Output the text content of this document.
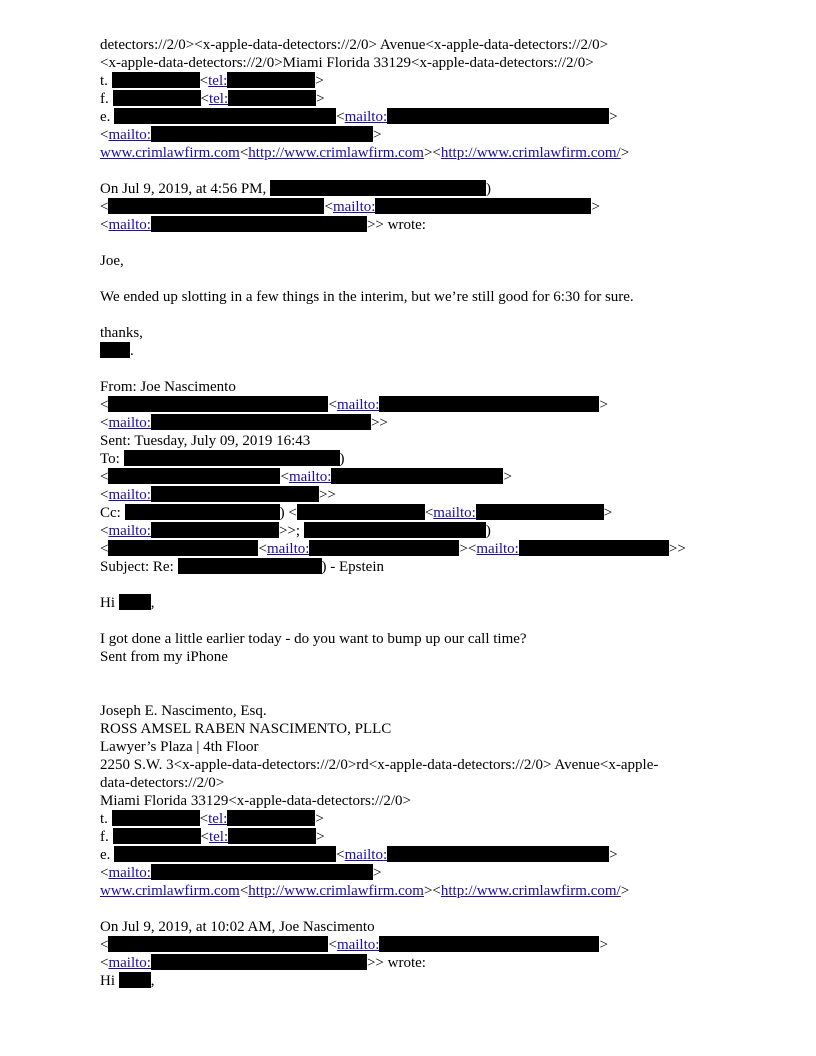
detectors://2/0><x-apple-data-detectors://2/0> Avenue<x-apple-data-detectors://2/0>
<x-apple-data-detectors://2/0>Miami Florida 33129<x-apple-data-detectors://2/0>
t.	<tel:	>
f.	<tel:	>
e.	<mailto:	>
<mailto:	>
www.crimlawfirm.com<http://www.crimlawfirm.com><http://www.crimlawfirm.com/>
On Jul 9, 2019, at 4:56 PM,	)
<	<mailto:	>
<mailto:	>> wrote:
Joe,
We ended up slotting in a few things in the interim, but we’re still good for 6:30 for sure.
thanks,
.
From: Joe Nascimento
<	<mailto:	>
<mailto:	>>
Sent: Tuesday, July 09, 2019 16:43
To:	)
<	<mailto:	>
<mailto:	>>
Cc:	) <	<mailto:	>
<mailto:	>>;	)
<	<mailto:	><mailto:	>>
Subject: Re:	) - Epstein
Hi ,
I got done a little earlier today - do you want to bump up our call time?
Sent from my iPhone
Joseph E. Nascimento, Esq.
ROSS AMSEL RABEN NASCIMENTO, PLLC
Lawyer’s Plaza | 4th Floor
2250 S.W. 3<x-apple-data-detectors://2/0>rd<x-apple-data-detectors://2/0> Avenue<x-apple-
data-detectors://2/0>
Miami Florida 33129<x-apple-data-detectors://2/0>
t.	<tel:	>
f.	<tel:	>
e.	<mailto:	>
<mailto:	>
www.crimlawfirm.com<http://www.crimlawfirm.com><http://www.crimlawfirm.com/>
On Jul 9, 2019, at 10:02 AM, Joe Nascimento
<	<mailto:	>
<mailto:	>> wrote:
Hi ,
